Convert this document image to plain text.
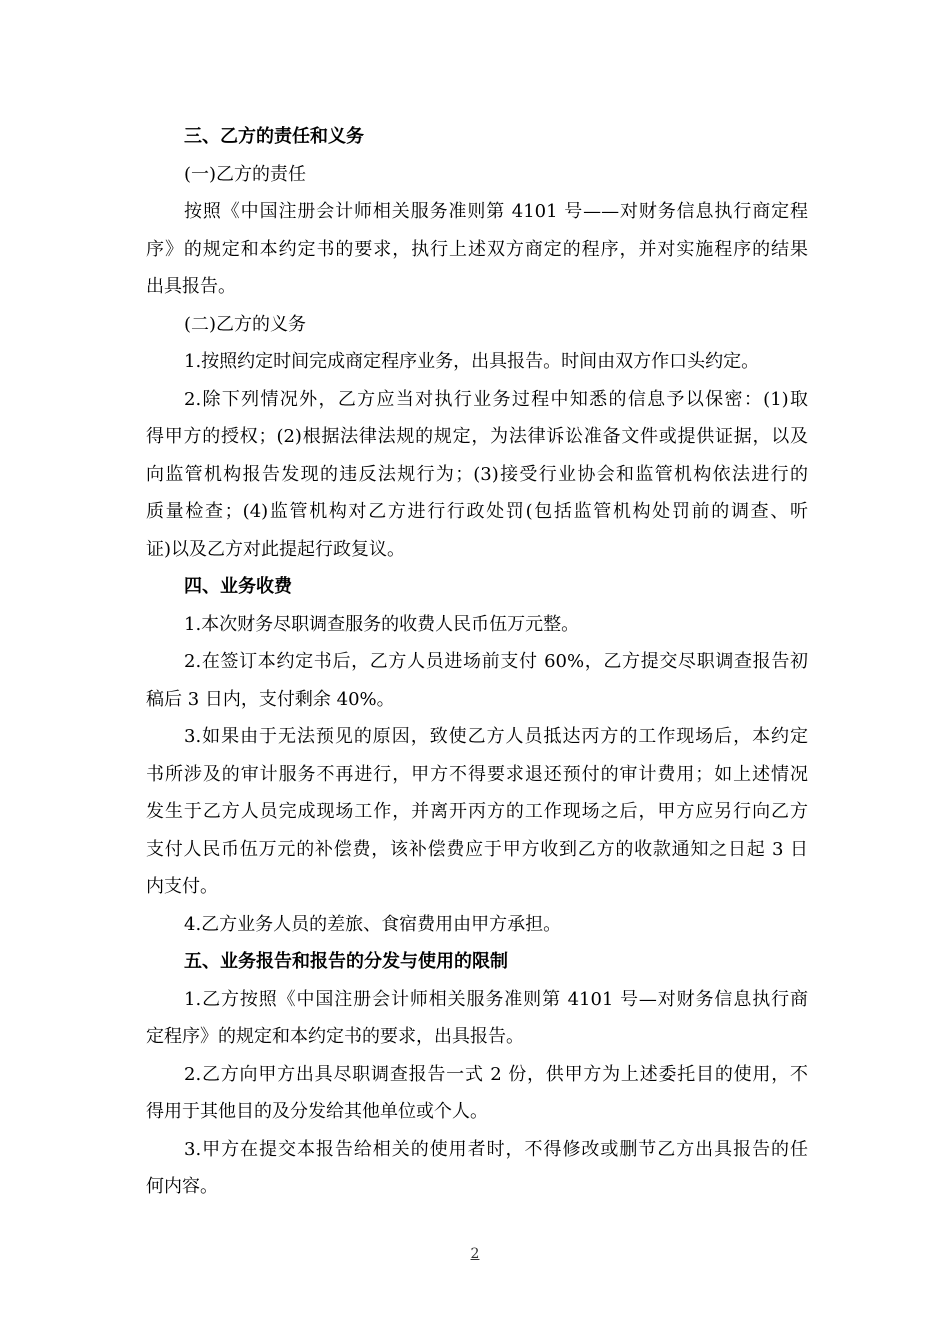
三、乙方的责任和义务
(一)乙方的责任
按照《中国注册会计师相关服务准则第 4101 号——对财务信息执行商定程
序》的规定和本约定书的要求，执行上述双方商定的程序，并对实施程序的结果
出具报告。
(二)乙方的义务
1.按照约定时间完成商定程序业务，出具报告。时间由双方作口头约定。
2.除下列情况外，乙方应当对执行业务过程中知悉的信息予以保密：(1)取
得甲方的授权；(2)根据法律法规的规定，为法律诉讼准备文件或提供证据，以及
向监管机构报告发现的违反法规行为；(3)接受行业协会和监管机构依法进行的
质量检查；(4)监管机构对乙方进行行政处罚(包括监管机构处罚前的调查、听
证)以及乙方对此提起行政复议。
四、业务收费
1.本次财务尽职调查服务的收费人民币伍万元整。
2.在签订本约定书后，乙方人员进场前支付 60%，乙方提交尽职调查报告初
稿后 3 日内，支付剩余 40%。
3.如果由于无法预见的原因，致使乙方人员抵达丙方的工作现场后，本约定
书所涉及的审计服务不再进行，甲方不得要求退还预付的审计费用；如上述情况
发生于乙方人员完成现场工作，并离开丙方的工作现场之后，甲方应另行向乙方
支付人民币伍万元的补偿费，该补偿费应于甲方收到乙方的收款通知之日起 3 日
内支付。
4.乙方业务人员的差旅、食宿费用由甲方承担。
五、业务报告和报告的分发与使用的限制
1.乙方按照《中国注册会计师相关服务准则第 4101 号—对财务信息执行商
定程序》的规定和本约定书的要求，出具报告。
2.乙方向甲方出具尽职调查报告一式 2 份，供甲方为上述委托目的使用，不
得用于其他目的及分发给其他单位或个人。
3.甲方在提交本报告给相关的使用者时，不得修改或删节乙方出具报告的任
何内容。
2
